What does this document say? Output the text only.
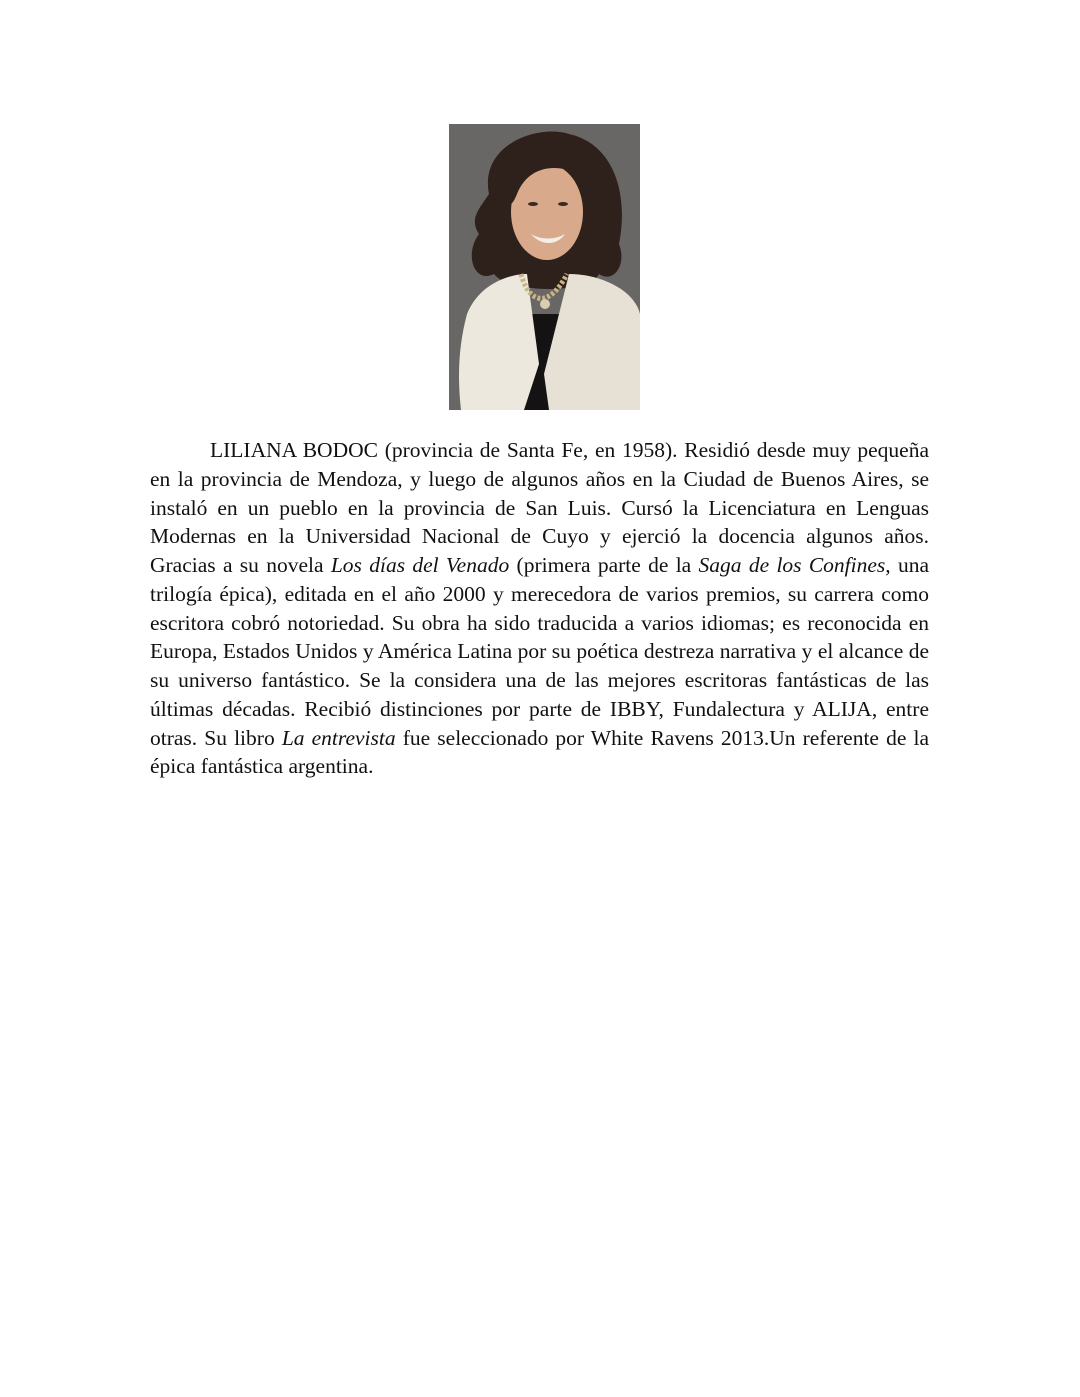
LILIANA BODOC (provincia de Santa Fe, en 1958). Residió desde muy pequeña en la provincia de Mendoza, y luego de algunos años en la Ciudad de Buenos Aires, se instaló en un pueblo en la provincia de San Luis. Cursó la Licenciatura en Lenguas Modernas en la Universidad Nacional de Cuyo y ejerció la docencia algunos años. Gracias a su novela Los días del Venado (primera parte de la Saga de los Confines, una trilogía épica), editada en el año 2000 y merecedora de varios premios, su carrera como escritora cobró notoriedad. Su obra ha sido traducida a varios idiomas; es reconocida en Europa, Estados Unidos y América Latina por su poética destreza narrativa y el alcance de su universo fantástico. Se la considera una de las mejores escritoras fantásticas de las últimas décadas. Recibió distinciones por parte de IBBY, Fundalectura y ALIJA, entre otras. Su libro La entrevista fue seleccionado por White Ravens 2013.Un referente de la épica fantástica argentina.
